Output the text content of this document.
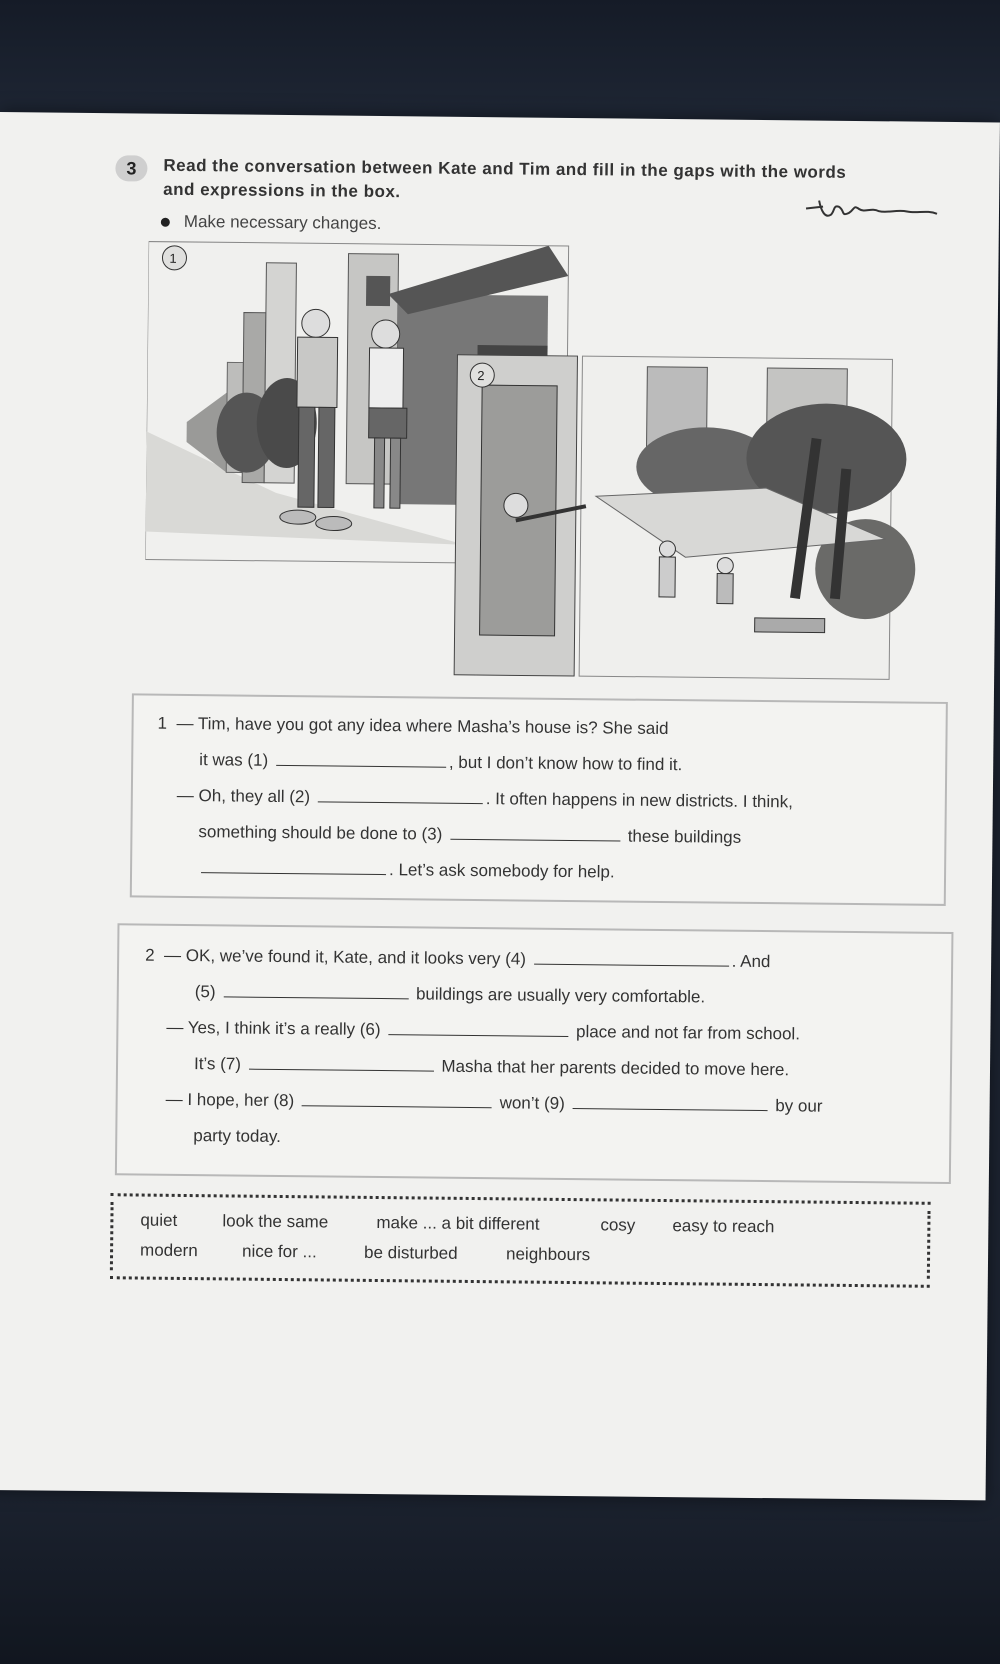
3	Read the conversation between Kate and Tim and fill in the gaps with the words
and expressions in the box.
Make necessary changes.
1
2
1 — Tim, have you got any idea where Masha’s house is? She said
it was (1)	, but I don’t know how to find it.
— Oh, they all (2)	. It often happens in new districts. I think,
something should be done to (3)	these buildings
. Let’s ask somebody for help.
2 — OK, we’ve found it, Kate, and it looks very (4)	. And
(5)	buildings are usually very comfortable.
— Yes, I think it’s a really (6)	place and not far from school.
It’s (7)	Masha that her parents decided to move here.
— I hope, her (8)	won’t (9)	by our
party today.
quiet	look the same	make ... a bit different	cosy easy to reach
modern	nice for ...	be disturbed	neighbours
